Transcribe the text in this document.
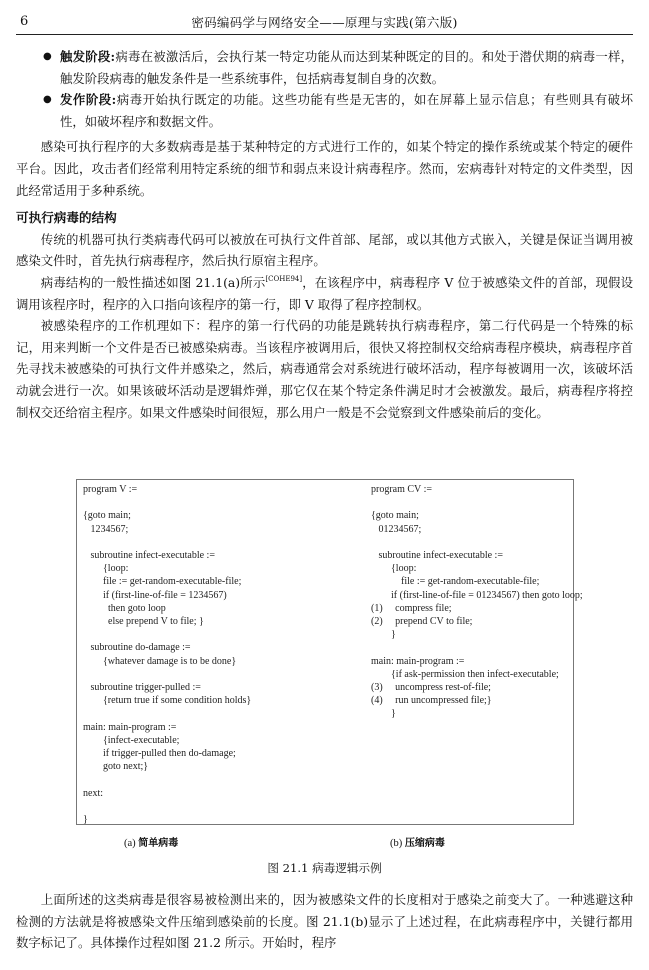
6	密码编码学与网络安全——原理与实践(第六版)
● 触发阶段:病毒在被激活后，会执行某一特定功能从而达到某种既定的目的。和处于潜伏期的病毒一样，触发阶段病毒的触发条件是一些系统事件，包括病毒复制自身的次数。
● 发作阶段:病毒开始执行既定的功能。这些功能有些是无害的，如在屏幕上显示信息；有些则具有破坏性，如破坏程序和数据文件。
感染可执行程序的大多数病毒是基于某种特定的方式进行工作的，如某个特定的操作系统或某个特定的硬件平台。因此，攻击者们经常利用特定系统的细节和弱点来设计病毒程序。然而，宏病毒针对特定的文件类型，因此经常适用于多种系统。
可执行病毒的结构
传统的机器可执行类病毒代码可以被放在可执行文件首部、尾部，或以其他方式嵌入，关键是保证当调用被感染文件时，首先执行病毒程序，然后执行原宿主程序。
病毒结构的一般性描述如图 21.1(a)所示[COHE94]，在该程序中，病毒程序 V 位于被感染文件的首部，现假设调用该程序时，程序的入口指向该程序的第一行，即 V 取得了程序控制权。
被感染程序的工作机理如下：程序的第一行代码的功能是跳转执行病毒程序，第二行代码是一个特殊的标记，用来判断一个文件是否已被感染病毒。当该程序被调用后，很快又将控制权交给病毒程序模块，病毒程序首先寻找未被感染的可执行文件并感染之，然后，病毒通常会对系统进行破坏活动，程序每被调用一次，该破坏活动就会进行一次。如果该破坏活动是逻辑炸弹，那它仅在某个特定条件满足时才会被激发。最后，病毒程序将控制权交还给宿主程序。如果文件感染时间很短，那么用户一般是不会觉察到文件感染前后的变化。
program V :=
{goto main;
1234567;
subroutine infect-executable :=
{loop:
file := get-random-executable-file;
if (first-line-of-file = 1234567)
then goto loop
else prepend V to file; }
subroutine do-damage :=
{whatever damage is to be done}
subroutine trigger-pulled :=
{return true if some condition holds}
main: main-program :=
{infect-executable;
if trigger-pulled then do-damage;
goto next;}
next:
}
program CV :=
{goto main;
01234567;
subroutine infect-executable :=
{loop:
file := get-random-executable-file;
if (first-line-of-file = 01234567) then goto loop;
(1)     compress file;
(2)     prepend CV to file;
}
main: main-program :=
{if ask-permission then infect-executable;
(3)     uncompress rest-of-file;
(4)     run uncompressed file;}
}
(a) 简单病毒	(b) 压缩病毒
图 21.1 病毒逻辑示例
上面所述的这类病毒是很容易被检测出来的，因为被感染文件的长度相对于感染之前变大了。一种逃避这种检测的方法就是将被感染文件压缩到感染前的长度。图 21.1(b)显示了上述过程，在此病毒程序中，关键行都用数字标记了。具体操作过程如图 21.2 所示。开始时，程序
